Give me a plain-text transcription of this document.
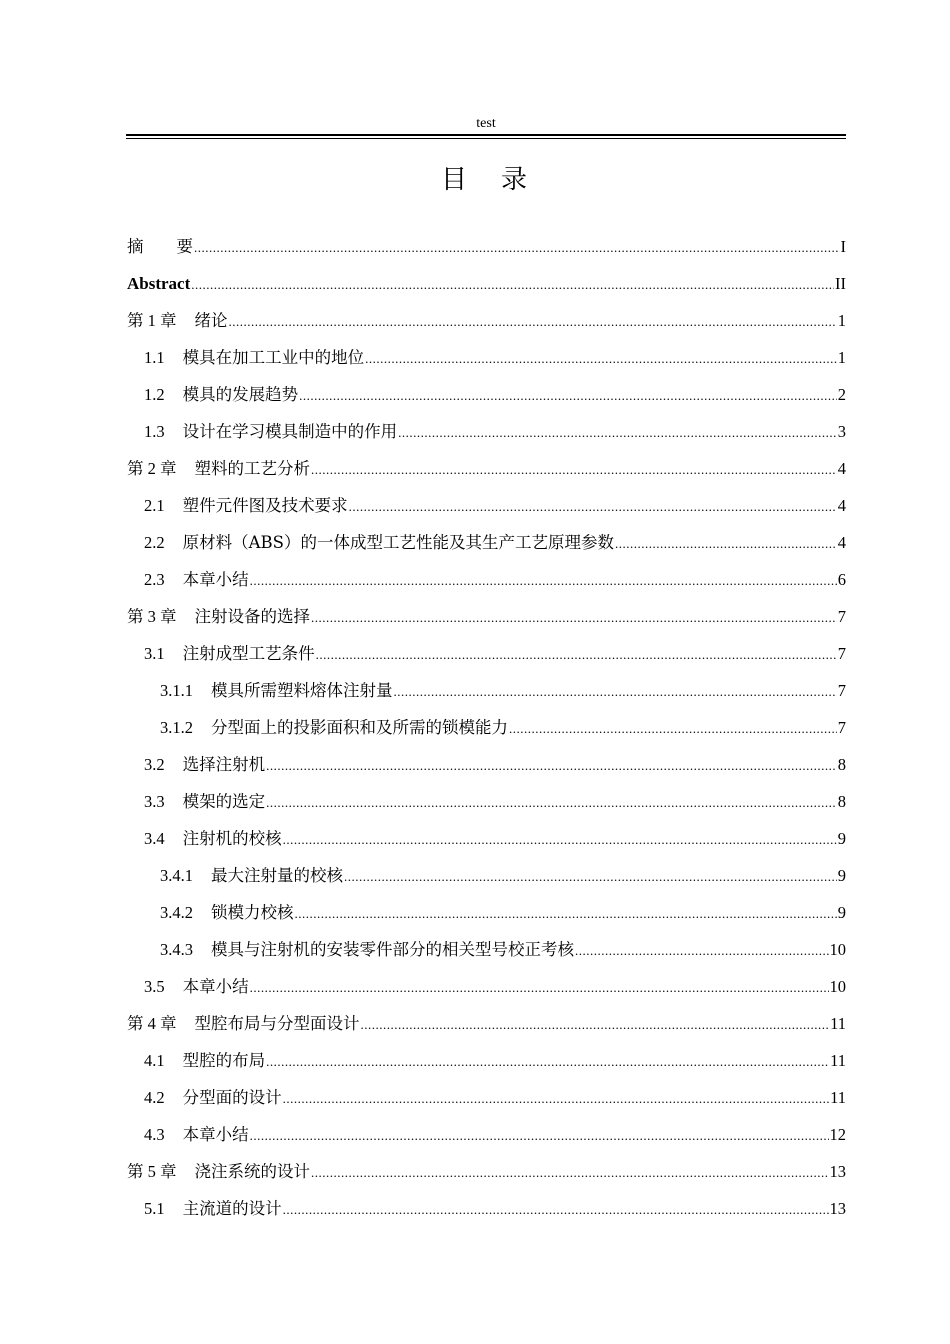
test
目　录
摘　　要 .....	I
Abstract .....	II
第 1 章 绪论 .....	1
1.1 模具在加工工业中的地位 .....	1
1.2 模具的发展趋势 .....	2
1.3 设计在学习模具制造中的作用 .....	3
第 2 章 塑料的工艺分析 .....	4
2.1 塑件元件图及技术要求 .....	4
2.2 原材料（ABS）的一体成型工艺性能及其生产工艺原理参数 .....	4
2.3 本章小结 .....	6
第 3 章 注射设备的选择 .....	7
3.1 注射成型工艺条件 .....	7
3.1.1 模具所需塑料熔体注射量 .....	7
3.1.2 分型面上的投影面积和及所需的锁模能力 .....	7
3.2 选择注射机 .....	8
3.3 模架的选定 .....	8
3.4 注射机的校核 .....	9
3.4.1 最大注射量的校核 .....	9
3.4.2 锁模力校核 .....	9
3.4.3 模具与注射机的安装零件部分的相关型号校正考核 .....	10
3.5 本章小结 .....	10
第 4 章 型腔布局与分型面设计 .....	11
4.1 型腔的布局 .....	11
4.2 分型面的设计 .....	11
4.3 本章小结 .....	12
第 5 章 浇注系统的设计 .....	13
5.1 主流道的设计 .....	13
